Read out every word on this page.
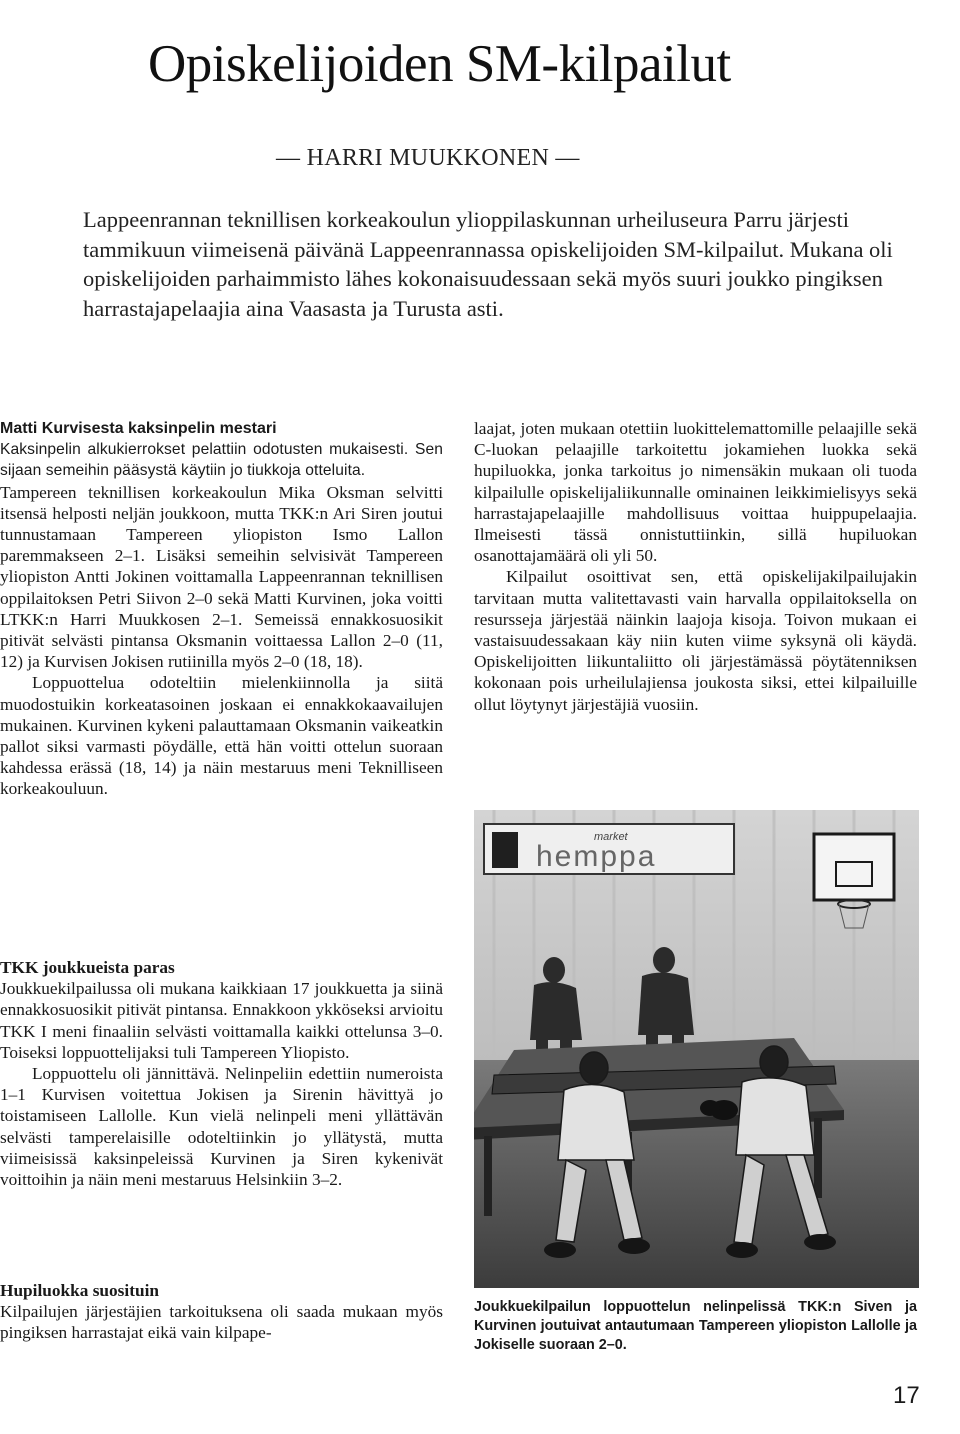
Opiskelijoiden SM-kilpailut
— HARRI MUUKKONEN —

Lappeenrannan teknillisen korkeakoulun ylioppilaskunnan urheiluseura Parru järjesti tammikuun viimeisenä päivänä Lappeenrannassa opiskelijoiden SM-kilpailut. Mukana oli opiskelijoiden parhaimmisto lähes kokonaisuudessaan sekä myös suuri joukko pingiksen harrastajapelaajia aina Vaasasta ja Turusta asti.

Matti Kurvisesta kaksinpelin mestari

Kaksinpelin alkukierrokset pelattiin odotusten mukaisesti. Sen sijaan semeihin pääsystä käytiin jo tiukkoja otteluita.

Tampereen teknillisen korkeakoulun Mika Oksman selvitti itsensä helposti neljän joukkoon, mutta TKK:n Ari Siren joutui tunnustamaan Tampereen yliopiston Ismo Lallon paremmakseen 2–1. Lisäksi semeihin selvisivät Tampereen yliopiston Antti Jokinen voittamalla Lappeenrannan teknillisen oppilaitoksen Petri Siivon 2–0 sekä Matti Kurvinen, joka voitti LTKK:n Harri Muukkosen 2–1. Semeissä ennakkosuosikit pitivät selvästi pintansa Oksmanin voittaessa Lallon 2–0 (11, 12) ja Kurvisen Jokisen rutiinilla myös 2–0 (18, 18).

Loppuottelua odoteltiin mielenkiinnolla ja siitä muodostuikin korkeatasoinen joskaan ei ennakkokaavailujen mukainen. Kurvinen kykeni palauttamaan Oksmanin vaikeatkin pallot siksi varmasti pöydälle, että hän voitti ottelun suoraan kahdessa erässä (18, 14) ja näin mestaruus meni Teknilliseen korkeakouluun.

TKK joukkueista paras

Joukkuekilpailussa oli mukana kaikkiaan 17 joukkuetta ja siinä ennakkosuosikit pitivät pintansa. Ennakkoon ykköseksi arvioitu TKK I meni finaaliin selvästi voittamalla kaikki ottelunsa 3–0. Toiseksi loppuottelijaksi tuli Tampereen Yliopisto.

Loppuottelu oli jännittävä. Nelinpeliin edettiin numeroista 1–1 Kurvisen voitettua Jokisen ja Sirenin hävittyä jo toistamiseen Lallolle. Kun vielä nelinpeli meni yllättävän selvästi tamperelaisille odoteltiinkin jo yllätystä, mutta viimeisissä kaksinpeleissä Kurvinen ja Siren kykenivät voittoihin ja näin meni mestaruus Helsinkiin 3–2.

Hupiluokka suosituin

Kilpailujen järjestäjien tarkoituksena oli saada mukaan myös pingiksen harrastajat eikä vain kilpape-

laajat, joten mukaan otettiin luokittelemattomille pelaajille sekä C-luokan pelaajille tarkoitettu jokamiehen luokka sekä hupiluokka, jonka tarkoitus jo nimensäkin mukaan oli tuoda kilpailulle opiskelijaliikunnalle ominainen leikkimielisyys sekä harrastajapelaajille mahdollisuus voittaa huippupelaajia. Ilmeisesti tässä onnistuttiinkin, sillä hupiluokan osanottajamäärä oli yli 50.

Kilpailut osoittivat sen, että opiskelijakilpailujakin tarvitaan mutta valitettavasti vain harvalla oppilaitoksella on resursseja järjestää näinkin laajoja kisoja. Toivon mukaan ei vastaisuudessakaan käy niin kuten viime syksynä oli käydä. Opiskelijoitten liikuntaliitto oli järjestämässä pöytätenniksen kokonaan pois urheilulajiensa joukosta siksi, ettei kilpailuille ollut löytynyt järjestäjiä vuosiin.

market
hemppa

Joukkuekilpailun loppuottelun nelinpelissä TKK:n Siven ja Kurvinen joutuivat antautumaan Tampereen yliopiston Lallolle ja Jokiselle suoraan 2–0.

17
